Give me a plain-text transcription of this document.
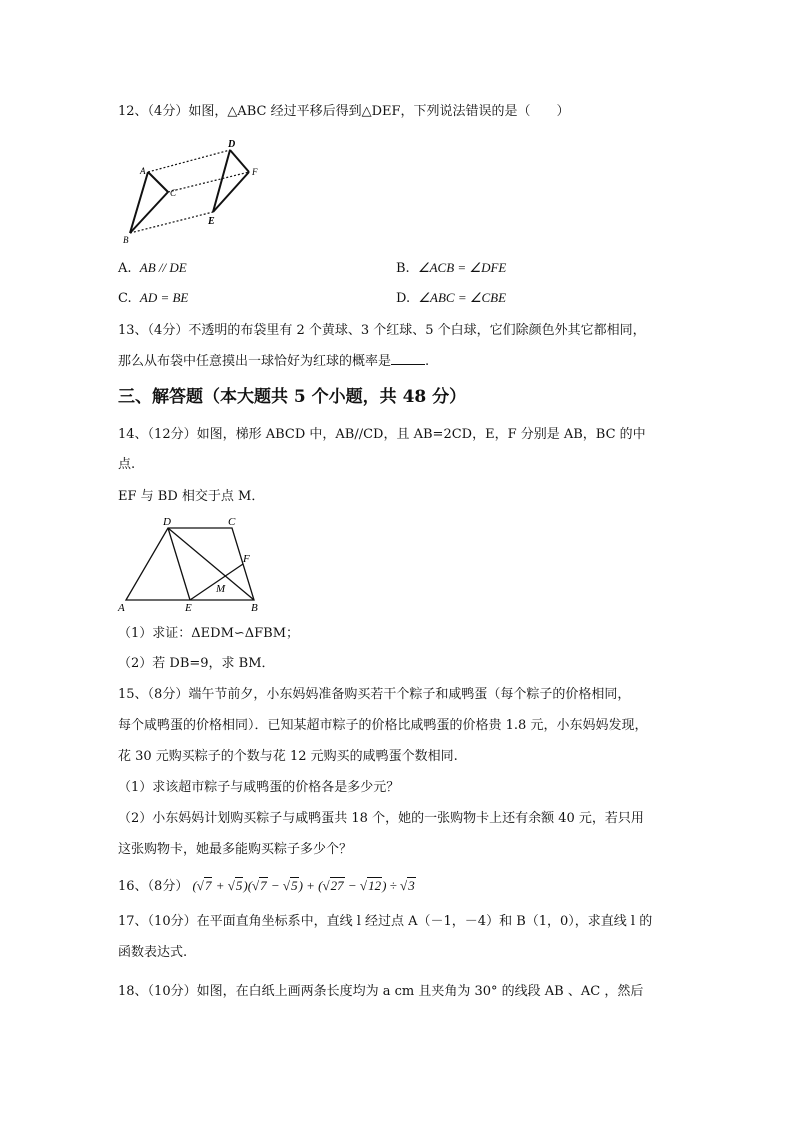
12、（4分）如图，△ABC 经过平移后得到△DEF，下列说法错误的是（　　）
A
B
C
D
E
F
A. AB // DE	B. ∠ACB = ∠DFE
C. AD = BE	D. ∠ABC = ∠CBE
13、（4分）不透明的布袋里有 2 个黄球、3 个红球、5 个白球，它们除颜色外其它都相同，
那么从布袋中任意摸出一球恰好为红球的概率是	.
三、解答题（本大题共 5 个小题，共 48 分）
14、（12分）如图，梯形 ABCD 中，AB//CD，且 AB=2CD，E，F 分别是 AB，BC 的中
点.
EF 与 BD 相交于点 M．
A	B
C
D
E
F
M
（1）求证：ΔEDM∽ΔFBM；
（2）若 DB=9，求 BM．
15、（8分）端午节前夕，小东妈妈准备购买若干个粽子和咸鸭蛋（每个粽子的价格相同，
每个咸鸭蛋的价格相同）．已知某超市粽子的价格比咸鸭蛋的价格贵 1.8 元，小东妈妈发现，
花 30 元购买粽子的个数与花 12 元购买的咸鸭蛋个数相同.
（1）求该超市粽子与咸鸭蛋的价格各是多少元？
（2）小东妈妈计划购买粽子与咸鸭蛋共 18 个，她的一张购物卡上还有余额 40 元，若只用
这张购物卡，她最多能购买粽子多少个？
16、（8分） (√7 + √5)(√7 − √5) + (√27 − √12) ÷ √3
17、（10分）在平面直角坐标系中，直线 l 经过点 A（－1，－4）和 B（1，0），求直线 l 的
函数表达式.
18、（10分）如图，在白纸上画两条长度均为 a cm 且夹角为 30° 的线段 AB 、AC ，然后
